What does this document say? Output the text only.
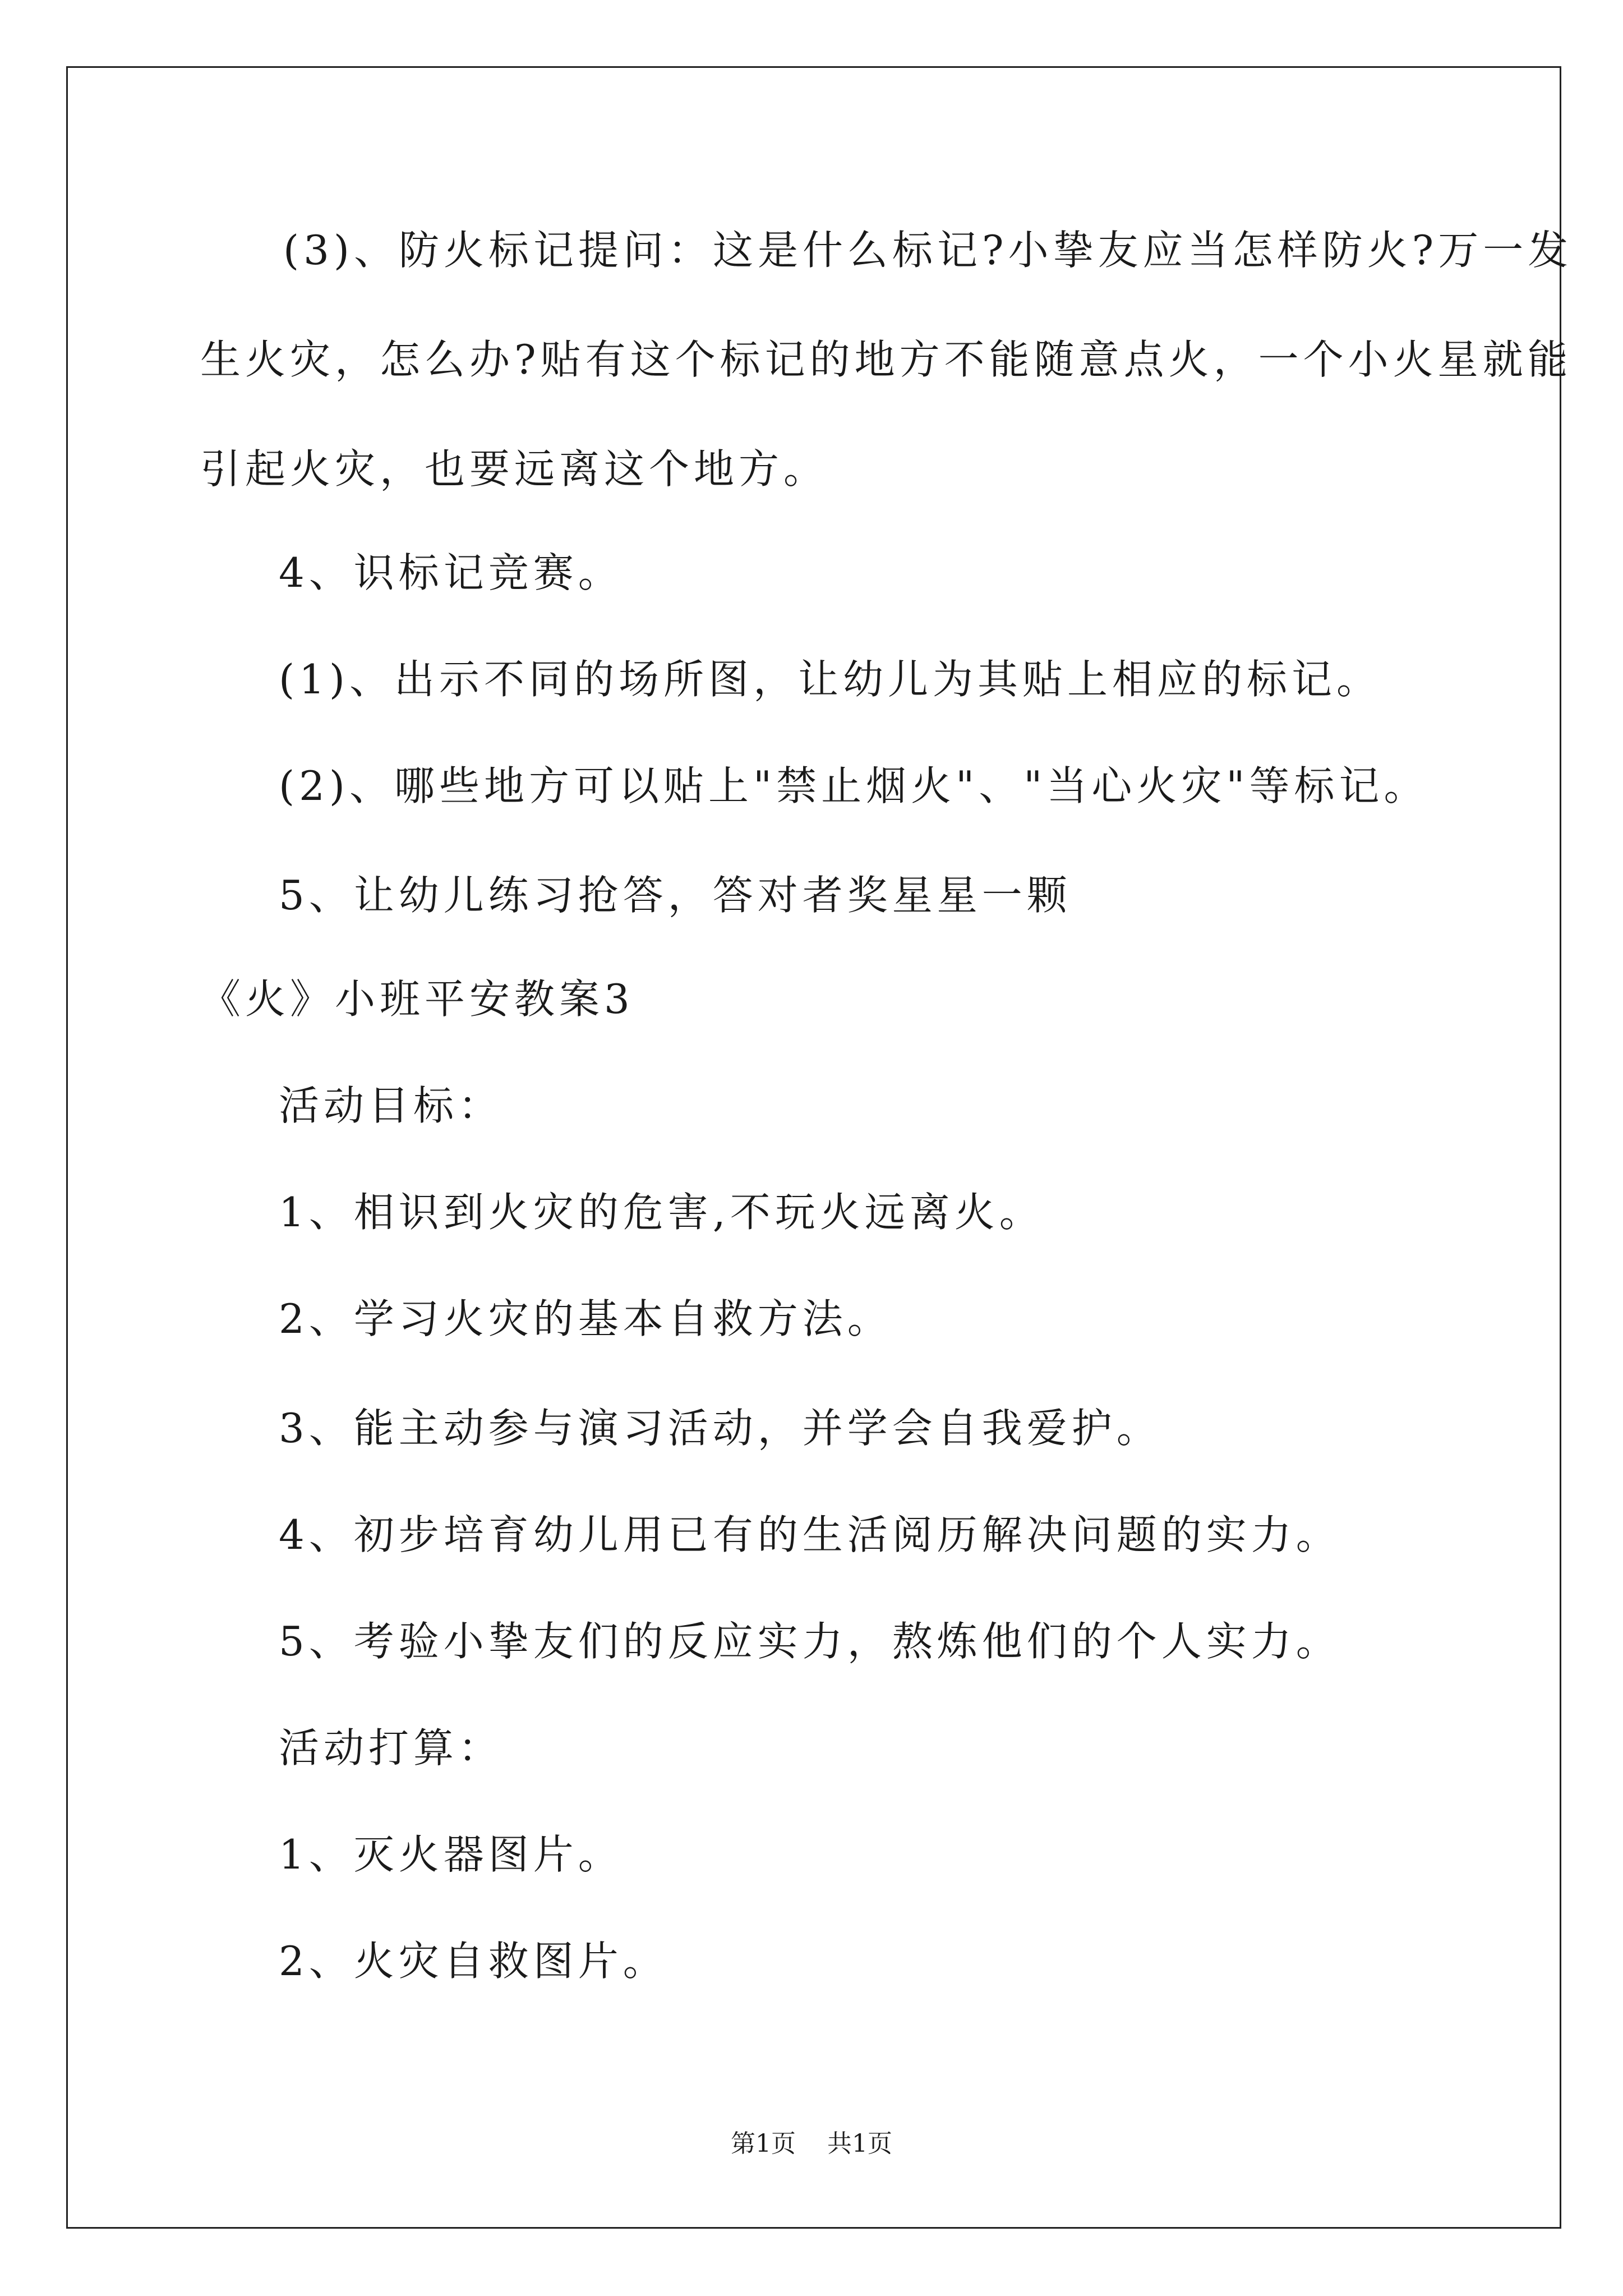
(3)、防火标记提问：这是什么标记?小挚友应当怎样防火?万一发
生火灾，怎么办?贴有这个标记的地方不能随意点火，一个小火星就能
引起火灾，也要远离这个地方。
4、识标记竞赛。
(1)、出示不同的场所图，让幼儿为其贴上相应的标记。
(2)、哪些地方可以贴上"禁止烟火"、"当心火灾"等标记。
5、让幼儿练习抢答，答对者奖星星一颗
《火》小班平安教案3
活动目标：
1、相识到火灾的危害,不玩火远离火。
2、学习火灾的基本自救方法。
3、能主动参与演习活动，并学会自我爱护。
4、初步培育幼儿用已有的生活阅历解决问题的实力。
5、考验小挚友们的反应实力，熬炼他们的个人实力。
活动打算：
1、灭火器图片。
2、火灾自救图片。
第1页 共1页
